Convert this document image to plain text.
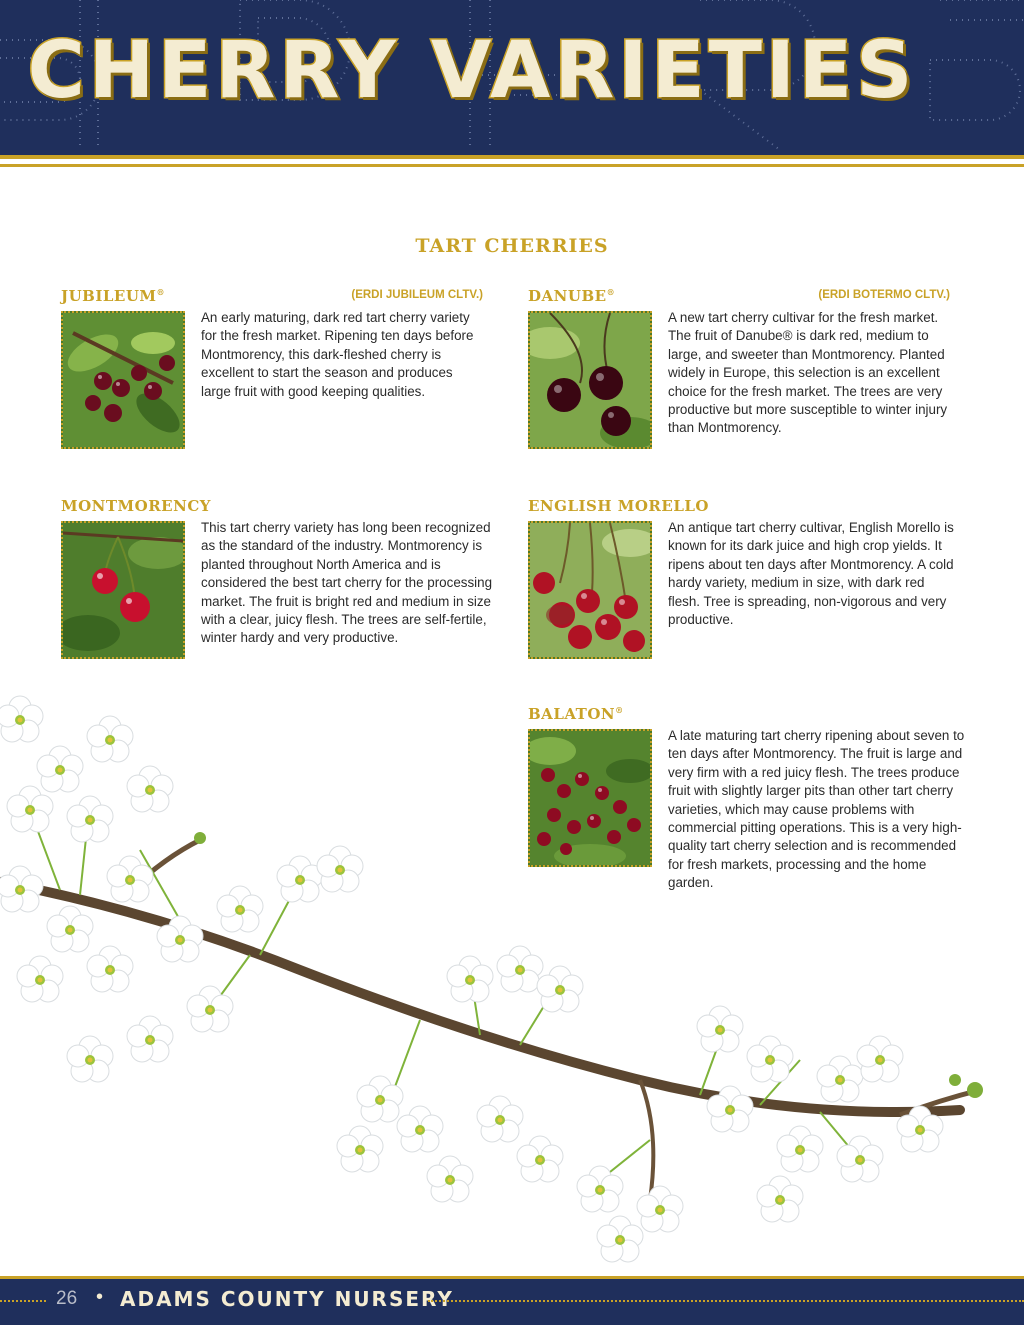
CHERRY VARIETIES
TART CHERRIES
JUBILEUM®	(ERDI JUBILEUM CLTV.)

An early maturing, dark red tart cherry variety for the fresh market. Ripening ten days before Montmorency, this dark-fleshed cherry is excellent to start the season and produces large fruit with good keeping qualities.

DANUBE®	(ERDI BOTERMO CLTV.)

A new tart cherry cultivar for the fresh market. The fruit of Danube® is dark red, medium to large, and sweeter than Montmorency. Planted widely in Europe, this selection is an excellent choice for the fresh market. The trees are very productive but more susceptible to winter injury than Montmorency.

MONTMORENCY

This tart cherry variety has long been recognized as the standard of the industry. Montmorency is planted throughout North America and is considered the best tart cherry for the processing market. The fruit is bright red and medium in size with a clear, juicy flesh. The trees are self-fertile, winter hardy and very productive.

ENGLISH MORELLO

An antique tart cherry cultivar, English Morello is known for its dark juice and high crop yields. It ripens about ten days after Montmorency. A cold hardy variety, medium in size, with dark red flesh. Tree is spreading, non-vigorous and very productive.

BALATON®

A late maturing tart cherry ripening about seven to ten days after Montmorency. The fruit is large and very firm with a red juicy flesh. The trees produce fruit with slightly larger pits than other tart cherry varieties, which may cause problems with commercial pitting operations. This is a very high-quality tart cherry selection and is recommended for fresh markets, processing and the home garden.

26 • ADAMS COUNTY NURSERY
